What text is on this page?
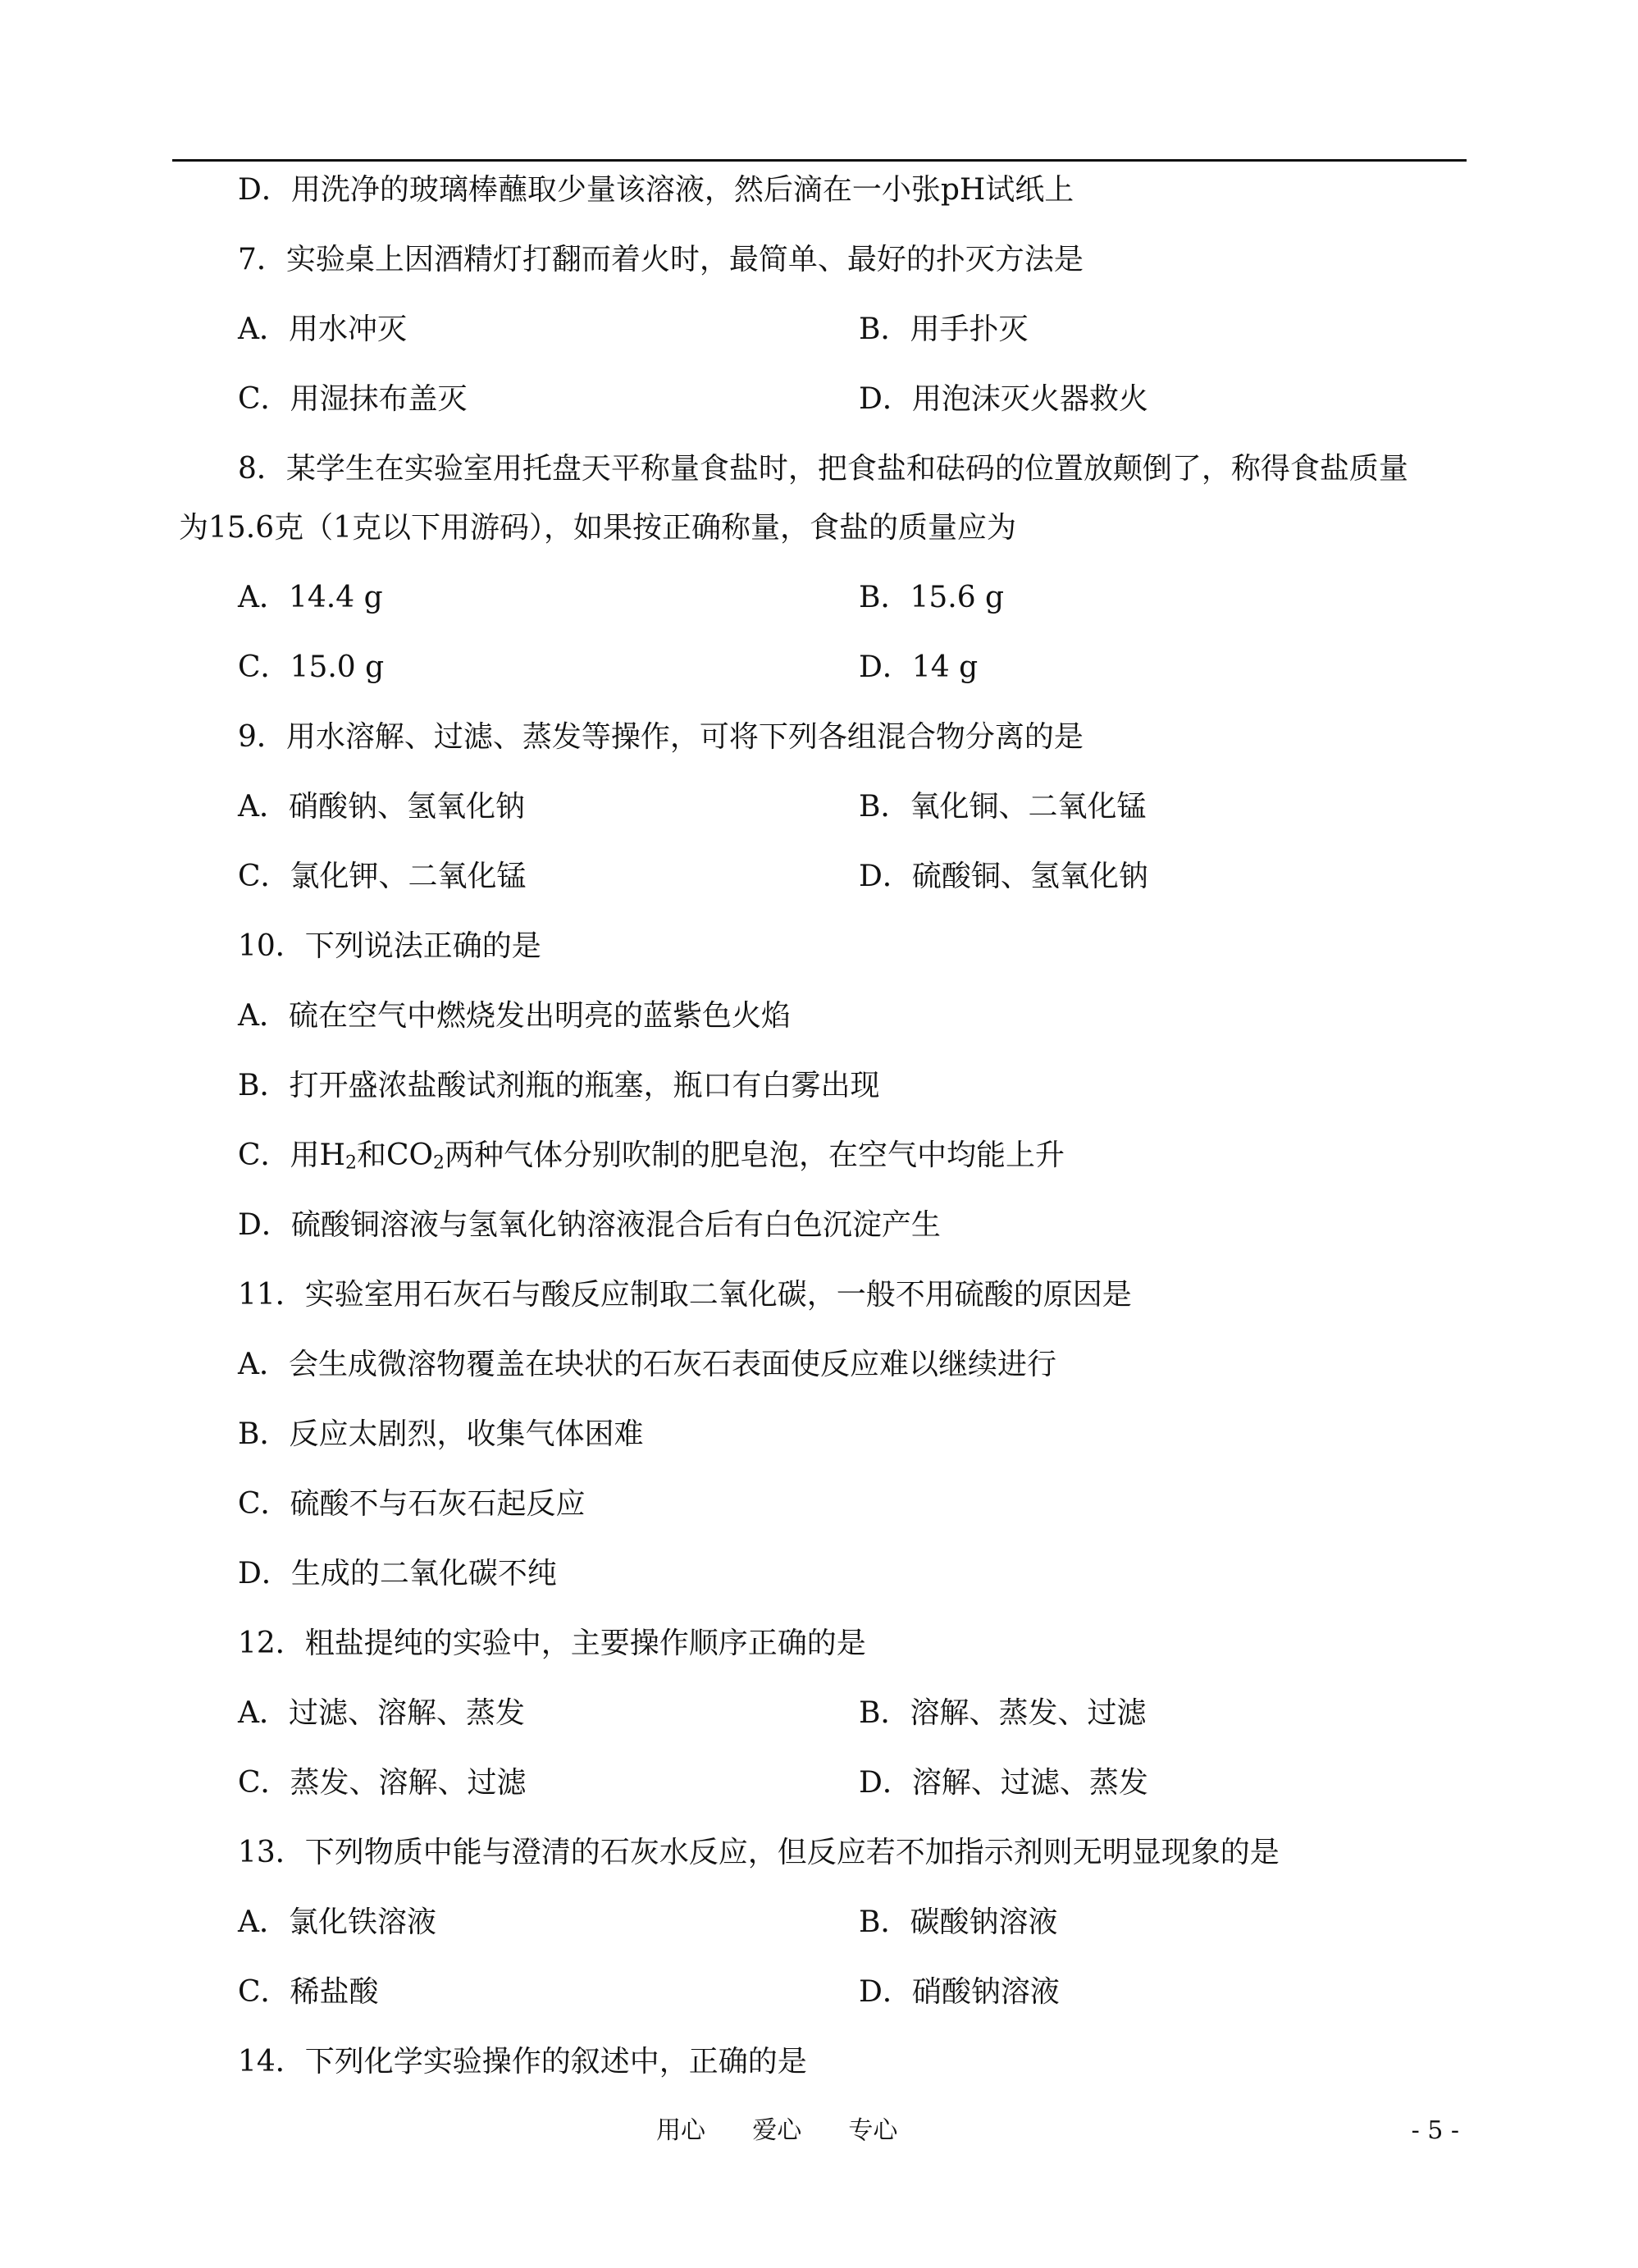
D．用洗净的玻璃棒蘸取少量该溶液，然后滴在一小张pH试纸上
7．实验桌上因酒精灯打翻而着火时，最简单、最好的扑灭方法是
A．用水冲灭	B．用手扑灭
C．用湿抹布盖灭	D．用泡沫灭火器救火
8．某学生在实验室用托盘天平称量食盐时，把食盐和砝码的位置放颠倒了，称得食盐质量
为15.6克（1克以下用游码），如果按正确称量，食盐的质量应为
A．14.4 g	B．15.6 g
C．15.0 g	D．14 g
9．用水溶解、过滤、蒸发等操作，可将下列各组混合物分离的是
A．硝酸钠、氢氧化钠	B．氧化铜、二氧化锰
C．氯化钾、二氧化锰	D．硫酸铜、氢氧化钠
10．下列说法正确的是
A．硫在空气中燃烧发出明亮的蓝紫色火焰
B．打开盛浓盐酸试剂瓶的瓶塞，瓶口有白雾出现
C．用$H_2$和$CO_2$两种气体分别吹制的肥皂泡，在空气中均能上升
D．硫酸铜溶液与氢氧化钠溶液混合后有白色沉淀产生
11．实验室用石灰石与酸反应制取二氧化碳，一般不用硫酸的原因是
A．会生成微溶物覆盖在块状的石灰石表面使反应难以继续进行
B．反应太剧烈，收集气体困难
C．硫酸不与石灰石起反应
D．生成的二氧化碳不纯
12．粗盐提纯的实验中，主要操作顺序正确的是
A．过滤、溶解、蒸发	B．溶解、蒸发、过滤
C．蒸发、溶解、过滤	D．溶解、过滤、蒸发
13．下列物质中能与澄清的石灰水反应，但反应若不加指示剂则无明显现象的是
A．氯化铁溶液	B．碳酸钠溶液
C．稀盐酸	D．硝酸钠溶液
14．下列化学实验操作的叙述中，正确的是
用心      爱心      专心	- 5 -
